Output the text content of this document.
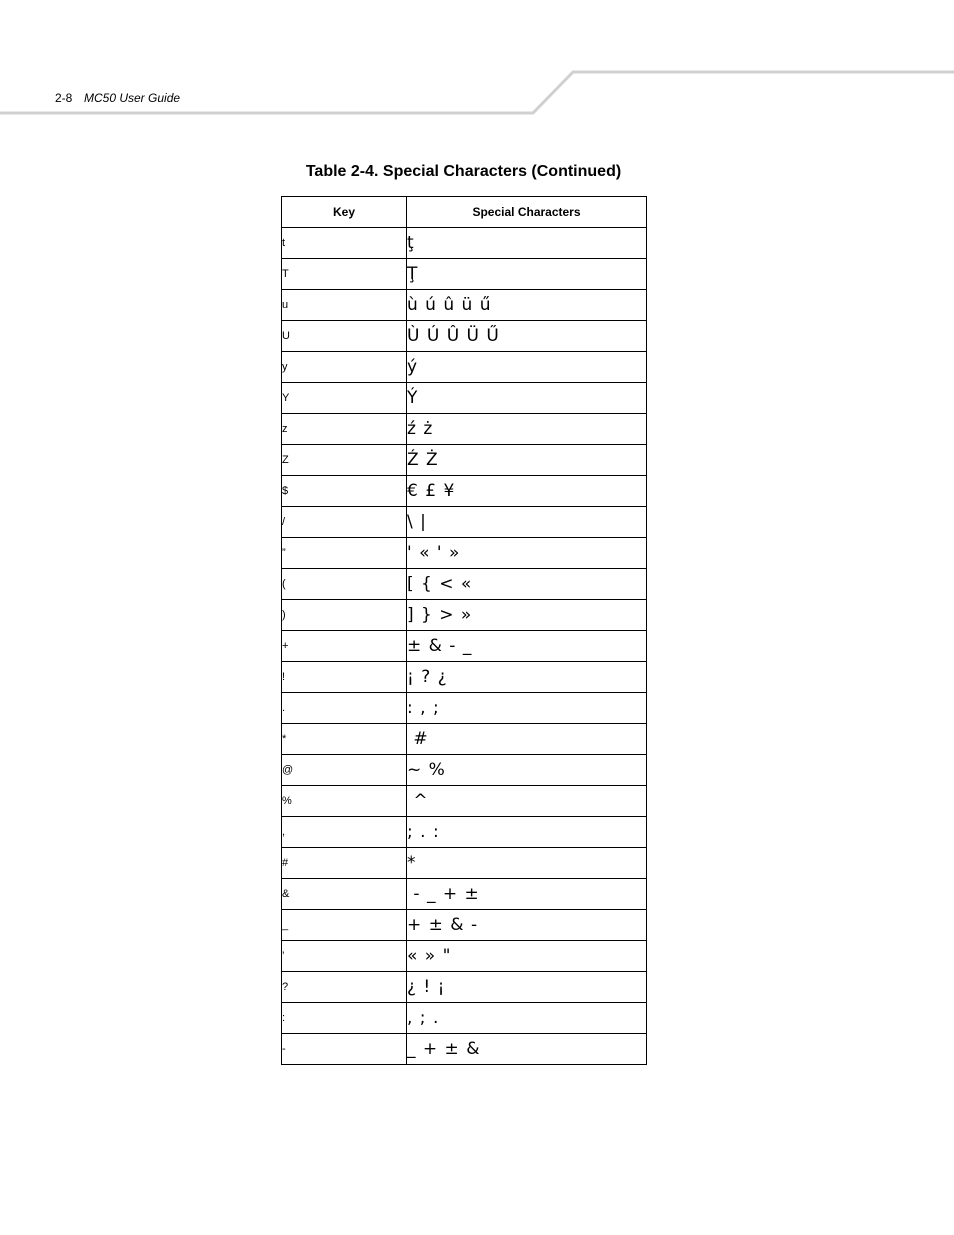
2-8 MC50 User Guide
Table 2-4. Special Characters (Continued)
Key	Special Characters
t	ţ
T	Ţ
u	ù ú û ü ű
U	Ù Ú Û Ü Ű
y	ý
Y	Ý
z	ź ż
Z	Ź Ż
$	€ £ ¥
/	\ |
”	' « ' »
(	[ { < «
)	] } > »
+	± & - _
!	¡ ? ¿
.	: , ;
*	#
@	~ %
%	^
,	; . :
#	*
&	- _ + ±
_	+ ± & -
’	« » "
?	¿ ! ¡
:	, ; .
-	_ + ± &
